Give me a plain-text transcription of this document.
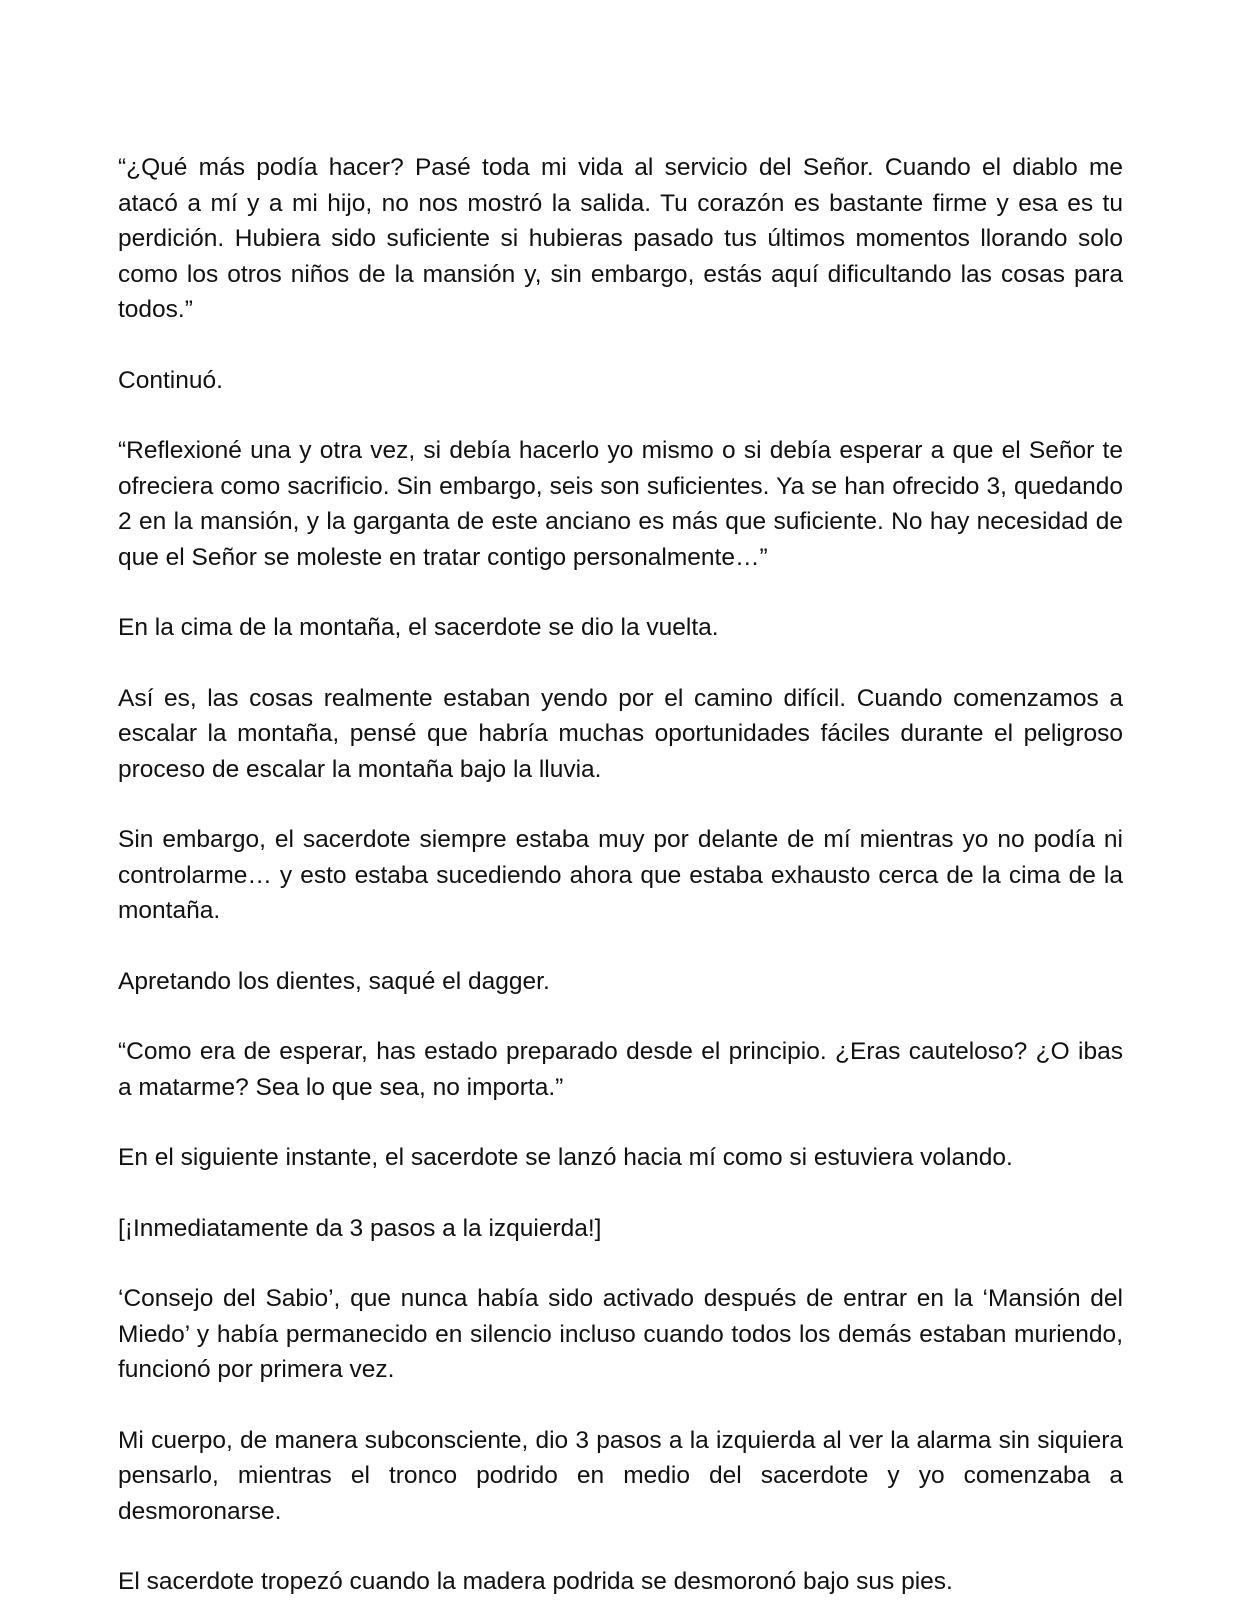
“¿Qué más podía hacer? Pasé toda mi vida al servicio del Señor. Cuando el diablo me atacó a mí y a mi hijo, no nos mostró la salida. Tu corazón es bastante firme y esa es tu perdición. Hubiera sido suficiente si hubieras pasado tus últimos momentos llorando solo como los otros niños de la mansión y, sin embargo, estás aquí dificultando las cosas para todos.”

Continuó.

“Reflexioné una y otra vez, si debía hacerlo yo mismo o si debía esperar a que el Señor te ofreciera como sacrificio. Sin embargo, seis son suficientes. Ya se han ofrecido 3, quedando 2 en la mansión, y la garganta de este anciano es más que suficiente. No hay necesidad de que el Señor se moleste en tratar contigo personalmente…”

En la cima de la montaña, el sacerdote se dio la vuelta.

Así es, las cosas realmente estaban yendo por el camino difícil. Cuando comenzamos a escalar la montaña, pensé que habría muchas oportunidades fáciles durante el peligroso proceso de escalar la montaña bajo la lluvia.

Sin embargo, el sacerdote siempre estaba muy por delante de mí mientras yo no podía ni controlarme… y esto estaba sucediendo ahora que estaba exhausto cerca de la cima de la montaña.

Apretando los dientes, saqué el dagger.

“Como era de esperar, has estado preparado desde el principio. ¿Eras cauteloso? ¿O ibas a matarme? Sea lo que sea, no importa.”

En el siguiente instante, el sacerdote se lanzó hacia mí como si estuviera volando.

[¡Inmediatamente da 3 pasos a la izquierda!]

‘Consejo del Sabio’, que nunca había sido activado después de entrar en la ‘Mansión del Miedo’ y había permanecido en silencio incluso cuando todos los demás estaban muriendo, funcionó por primera vez.

Mi cuerpo, de manera subconsciente, dio 3 pasos a la izquierda al ver la alarma sin siquiera pensarlo, mientras el tronco podrido en medio del sacerdote y yo comenzaba a desmoronarse.

El sacerdote tropezó cuando la madera podrida se desmoronó bajo sus pies.
